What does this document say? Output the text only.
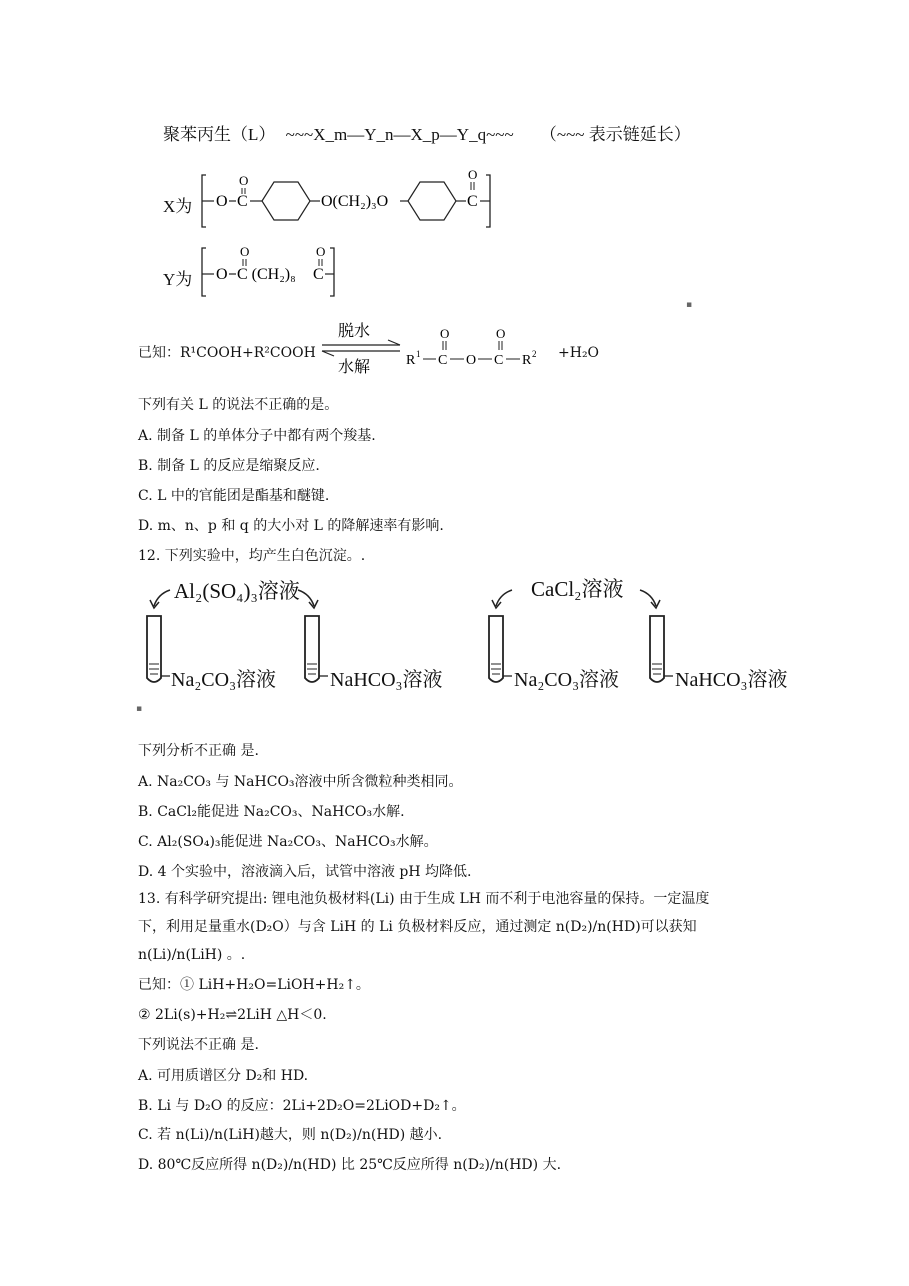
聚苯丙生（L） ~~~X_m—Y_n—X_p—Y_q~~~ （~~~ 表示链延长）
X为 O C
O
O(CH₂)₃O	C
O
Y为 O
O
C (CH₂)₈
O
C
▪
已知：R¹COOH+R²COOH
脱水
水解	R 1 C
O
O C
O
R 2 +H₂O
下列有关 L 的说法不正确的是。
A. 制备 L 的单体分子中都有两个羧基.
B. 制备 L 的反应是缩聚反应.
C. L 中的官能团是酯基和醚键.
D. m、n、p 和 q 的大小对 L 的降解速率有影响.
12. 下列实验中，均产生白色沉淀。.
Al₂(SO₄)₃溶液	CaCl₂溶液
Na₂CO₃溶液	NaHCO₃溶液	Na₂CO₃溶液	NaHCO₃溶液
▪
下列分析不正确 是.
A. Na₂CO₃ 与 NaHCO₃溶液中所含微粒种类相同。
B. CaCl₂能促进 Na₂CO₃、NaHCO₃水解.
C. Al₂(SO₄)₃能促进 Na₂CO₃、NaHCO₃水解。
D. 4 个实验中，溶液滴入后，试管中溶液 pH 均降低.
13. 有科学研究提出: 锂电池负极材料(Li) 由于生成 LH 而不利于电池容量的保持。一定温度
下，利用足量重水(D₂O）与含 LiH 的 Li 负极材料反应，通过测定 n(D₂)/n(HD)可以获知
n(Li)/n(LiH) 。.
已知：① LiH+H₂O=LiOH+H₂↑。
② 2Li(s)+H₂⇌2LiH △H＜0.
下列说法不正确 是.
A. 可用质谱区分 D₂和 HD.
B. Li 与 D₂O 的反应：2Li+2D₂O=2LiOD+D₂↑。
C. 若 n(Li)/n(LiH)越大，则 n(D₂)/n(HD) 越小.
D. 80℃反应所得 n(D₂)/n(HD) 比 25℃反应所得 n(D₂)/n(HD) 大.
